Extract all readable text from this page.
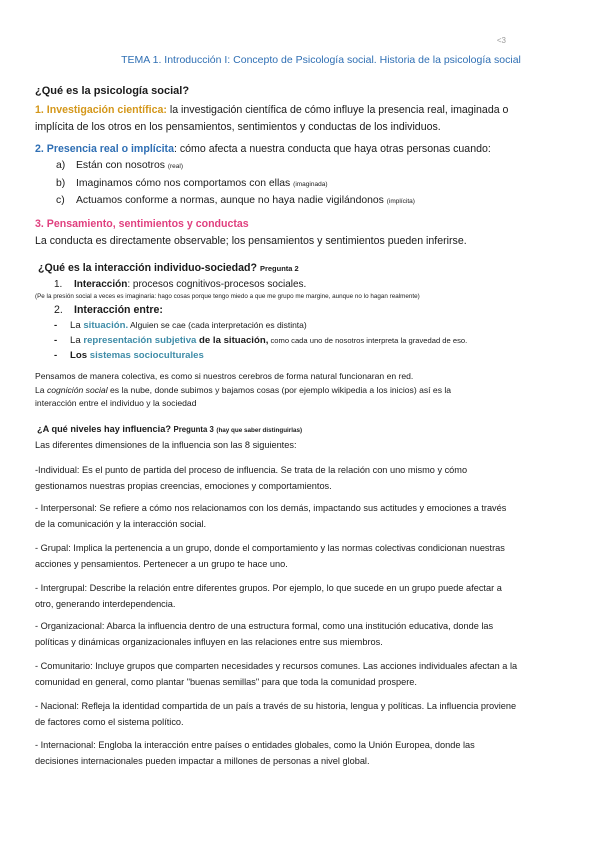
<3
TEMA 1. Introducción I: Concepto de Psicología social. Historia de la psicología social
¿Qué es la psicología social?
1. Investigación científica: la investigación científica de cómo influye la presencia real, imaginada o
implícita de los otros en los pensamientos, sentimientos y conductas de los individuos.
2. Presencia real o implícita: cómo afecta a nuestra conducta que haya otras personas cuando:
a) Están con nosotros (real)
b) Imaginamos cómo nos comportamos con ellas (imaginada)
c) Actuamos conforme a normas, aunque no haya nadie vigilándonos (implícita)
3. Pensamiento, sentimientos y conductas
La conducta es directamente observable; los pensamientos y sentimientos pueden inferirse.
¿Qué es la interacción individuo-sociedad? Pregunta 2
1. Interacción: procesos cognitivos-procesos sociales.
(Pe la presión social a veces es imaginaria: hago cosas porque tengo miedo a que me grupo me margine, aunque no lo hagan realmente)
2. Interacción entre:
- La situación. Alguien se cae (cada interpretación es distinta)
- La representación subjetiva de la situación, como cada uno de nosotros interpreta la gravedad de eso.
- Los sistemas socioculturales
Pensamos de manera colectiva, es como si nuestros cerebros de forma natural funcionaran en red.
La cognición social es la nube, donde subimos y bajamos cosas (por ejemplo wikipedia a los inicios) así es la
interacción entre el individuo y la sociedad
¿A qué niveles hay influencia? Pregunta 3 (hay que saber distinguirlas)
Las diferentes dimensiones de la influencia son las 8 siguientes:
-Individual: Es el punto de partida del proceso de influencia. Se trata de la relación con uno mismo y cómo
gestionamos nuestras propias creencias, emociones y comportamientos.
- Interpersonal: Se refiere a cómo nos relacionamos con los demás, impactando sus actitudes y emociones a través
de la comunicación y la interacción social.
- Grupal: Implica la pertenencia a un grupo, donde el comportamiento y las normas colectivas condicionan nuestras
acciones y pensamientos. Pertenecer a un grupo te hace uno.
- Intergrupal: Describe la relación entre diferentes grupos. Por ejemplo, lo que sucede en un grupo puede afectar a
otro, generando interdependencia.
- Organizacional: Abarca la influencia dentro de una estructura formal, como una institución educativa, donde las
políticas y dinámicas organizacionales influyen en las relaciones entre sus miembros.
- Comunitario: Incluye grupos que comparten necesidades y recursos comunes. Las acciones individuales afectan a la
comunidad en general, como plantar "buenas semillas" para que toda la comunidad prospere.
- Nacional: Refleja la identidad compartida de un país a través de su historia, lengua y políticas. La influencia proviene
de factores como el sistema político.
- Internacional: Engloba la interacción entre países o entidades globales, como la Unión Europea, donde las
decisiones internacionales pueden impactar a millones de personas a nivel global.
